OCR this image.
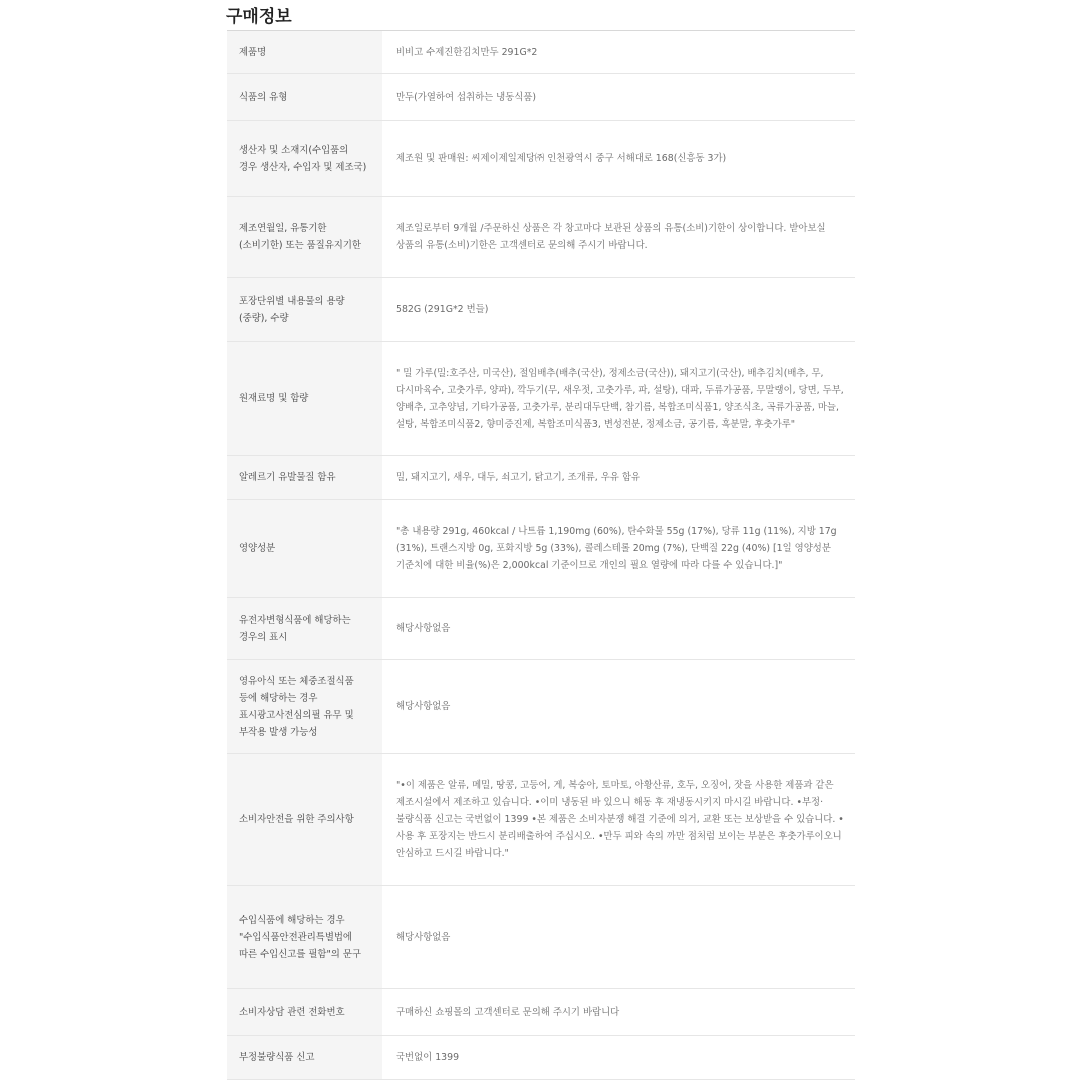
구매정보
제품명	비비고 수제진한김치만두 291G*2
식품의 유형	만두(가열하여 섭취하는 냉동식품)
생산자 및 소재지(수입품의 경우 생산자, 수입자 및 제조국)	제조원 및 판매원: 씨제이제일제당㈜ 인천광역시 중구 서해대로 168(신흥동 3가)
제조연월일, 유통기한(소비기한) 또는 품질유지기한	제조일로부터 9개월 /주문하신 상품은 각 창고마다 보관된 상품의 유통(소비)기한이 상이합니다. 받아보실 상품의 유통(소비)기한은 고객센터로 문의해 주시기 바랍니다.
포장단위별 내용물의 용량(중량), 수량	582G (291G*2 번들)
원재료명 및 함량	" 밀 가루(밀:호주산, 미국산), 절임배추(배추(국산), 정제소금(국산)), 돼지고기(국산), 배추김치(배추, 무, 다시마육수, 고춧가루, 양파), 깍두기(무, 새우젓, 고춧가루, 파, 설탕), 대파, 두류가공품, 무말랭이, 당면, 두부, 양배추, 고추양념, 기타가공품, 고춧가루, 분리대두단백, 참기름, 복합조미식품1, 양조식초, 곡류가공품, 마늘, 설탕, 복합조미식품2, 향미증진제, 복합조미식품3, 변성전분, 정제소금, 공기름, 흑분말, 후춧가루"
알레르기 유발물질 함유	밀, 돼지고기, 새우, 대두, 쇠고기, 닭고기, 조개류, 우유 함유
영양성분	"총 내용량 291g, 460kcal / 나트륨 1,190mg (60%), 탄수화물 55g (17%), 당류 11g (11%), 지방 17g (31%), 트랜스지방 0g, 포화지방 5g (33%), 콜레스테롤 20mg (7%), 단백질 22g (40%) [1일 영양성분 기준치에 대한 비율(%)은 2,000kcal 기준이므로 개인의 필요 열량에 따라 다를 수 있습니다.]"
유전자변형식품에 해당하는 경우의 표시	해당사항없음
영유아식 또는 체중조절식품 등에 해당하는 경우 표시광고사전심의필 유무 및 부작용 발생 가능성	해당사항없음
소비자안전을 위한 주의사항	"•이 제품은 알류, 메밀, 땅콩, 고등어, 게, 복숭아, 토마토, 아황산류, 호두, 오징어, 잣을 사용한 제품과 같은 제조시설에서 제조하고 있습니다. •이미 냉동된 바 있으니 해동 후 재냉동시키지 마시길 바랍니다. •부정·불량식품 신고는 국번없이 1399 •본 제품은 소비자분쟁 해결 기준에 의거, 교환 또는 보상받을 수 있습니다. •사용 후 포장지는 반드시 분리배출하여 주십시오. •만두 피와 속의 까만 점처럼 보이는 부분은 후춧가루이오니 안심하고 드시길 바랍니다."
수입식품에 해당하는 경우 "수입식품안전관리특별법에 따른 수입신고를 필함"의 문구	해당사항없음
소비자상담 관련 전화번호	구매하신 쇼핑몰의 고객센터로 문의해 주시기 바랍니다
부정불량식품 신고	국번없이 1399
